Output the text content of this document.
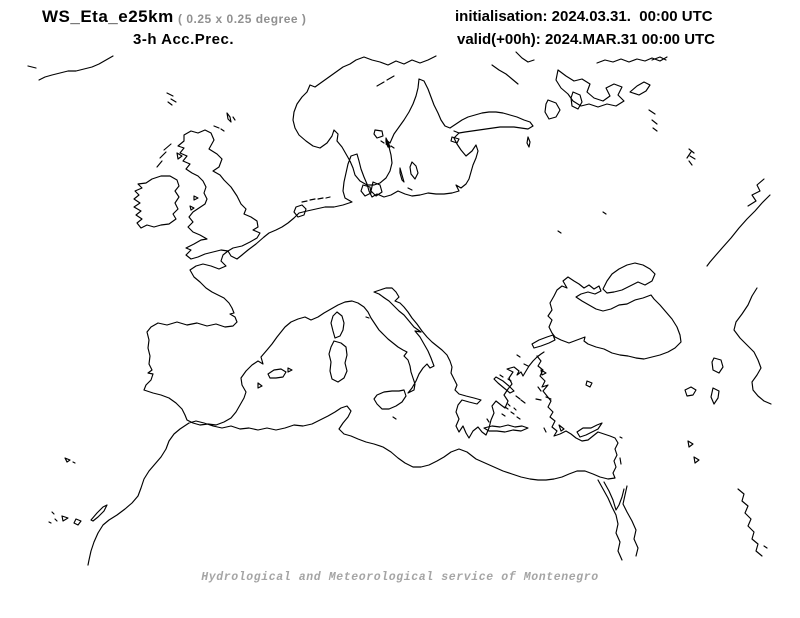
WS_Eta_e25km ( 0.25 x 0.25 degree )
3-h Acc.Prec.
initialisation: 2024.03.31.  00:00 UTC
valid(+00h): 2024.MAR.31 00:00 UTC
Hydrological and Meteorological service of Montenegro
